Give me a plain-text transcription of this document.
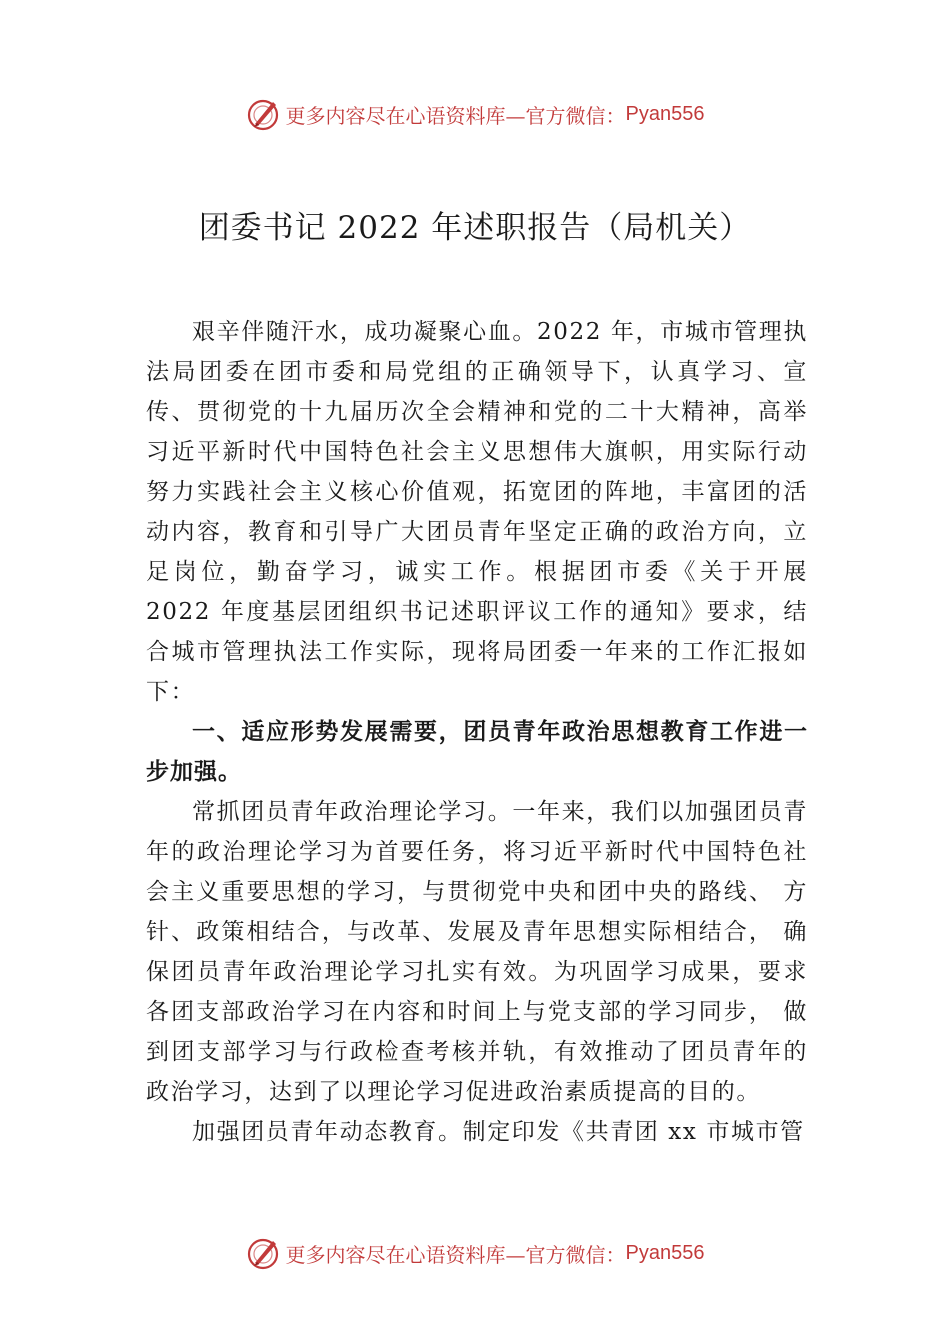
更多内容尽在心语资料库—官方微信： Pyan556
团委书记 2022 年述职报告（局机关）

艰辛伴随汗水，成功凝聚心血。2022 年，市城市管理执法局团委在团市委和局党组的正确领导下，认真学习、宣传、贯彻党的十九届历次全会精神和党的二十大精神，高举习近平新时代中国特色社会主义思想伟大旗帜，用实际行动努力实践社会主义核心价值观，拓宽团的阵地，丰富团的活动内容，教育和引导广大团员青年坚定正确的政治方向，立足岗位，勤奋学习，诚实工作。根据团市委《关于开展 2022 年度基层团组织书记述职评议工作的通知》要求，结合城市管理执法工作实际，现将局团委一年来的工作汇报如下：

一、适应形势发展需要，团员青年政治思想教育工作进一步加强。

常抓团员青年政治理论学习。一年来，我们以加强团员青年的政治理论学习为首要任务，将习近平新时代中国特色社会主义重要思想的学习，与贯彻党中央和团中央的路线、 方针、政策相结合，与改革、发展及青年思想实际相结合， 确保团员青年政治理论学习扎实有效。为巩固学习成果，要求各团支部政治学习在内容和时间上与党支部的学习同步， 做到团支部学习与行政检查考核并轨，有效推动了团员青年的政治学习，达到了以理论学习促进政治素质提高的目的。

加强团员青年动态教育。制定印发《共青团 xx 市城市管

更多内容尽在心语资料库—官方微信： Pyan556
